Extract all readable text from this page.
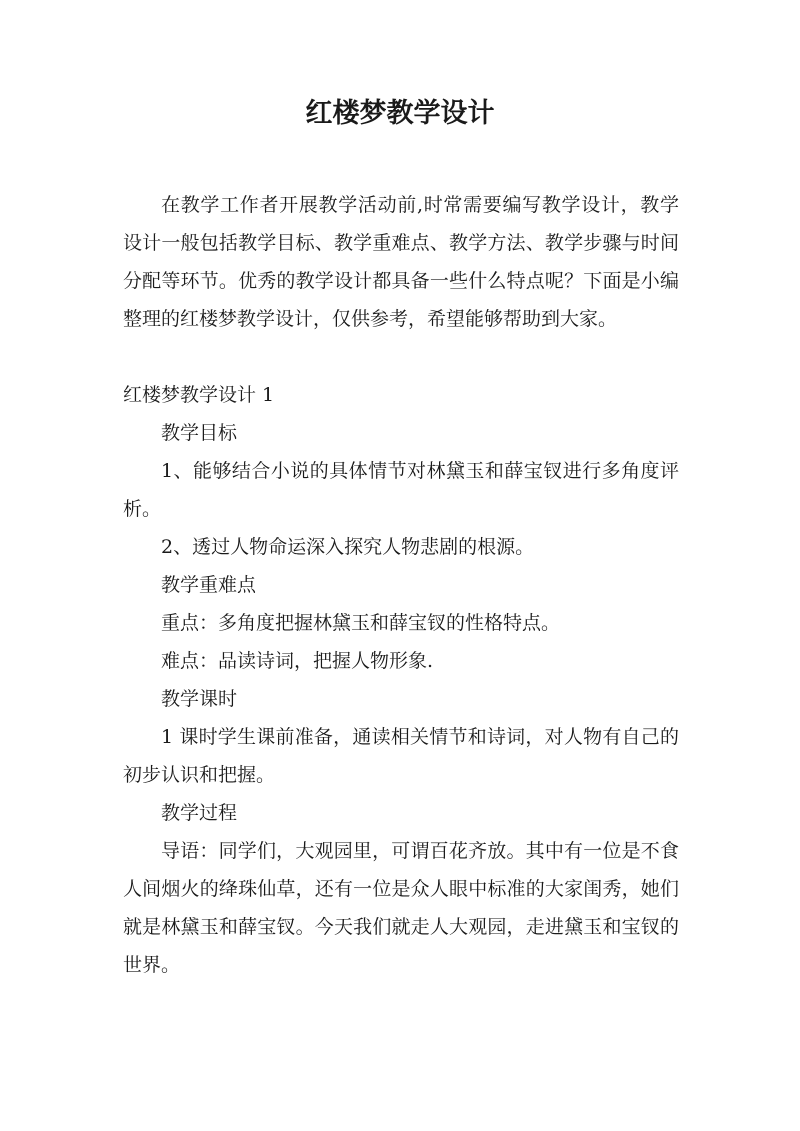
红楼梦教学设计

在教学工作者开展教学活动前,时常需要编写教学设计，教学设计一般包括教学目标、教学重难点、教学方法、教学步骤与时间分配等环节。优秀的教学设计都具备一些什么特点呢？下面是小编整理的红楼梦教学设计，仅供参考，希望能够帮助到大家。

红楼梦教学设计 1

教学目标

1、能够结合小说的具体情节对林黛玉和薛宝钗进行多角度评析。

2、透过人物命运深入探究人物悲剧的根源。

教学重难点

重点：多角度把握林黛玉和薛宝钗的性格特点。

难点：品读诗词，把握人物形象.

教学课时

1 课时学生课前准备，通读相关情节和诗词，对人物有自己的初步认识和把握。

教学过程

导语：同学们，大观园里，可谓百花齐放。其中有一位是不食人间烟火的绛珠仙草，还有一位是众人眼中标准的大家闺秀，她们就是林黛玉和薛宝钗。今天我们就走人大观园，走进黛玉和宝钗的世界。
